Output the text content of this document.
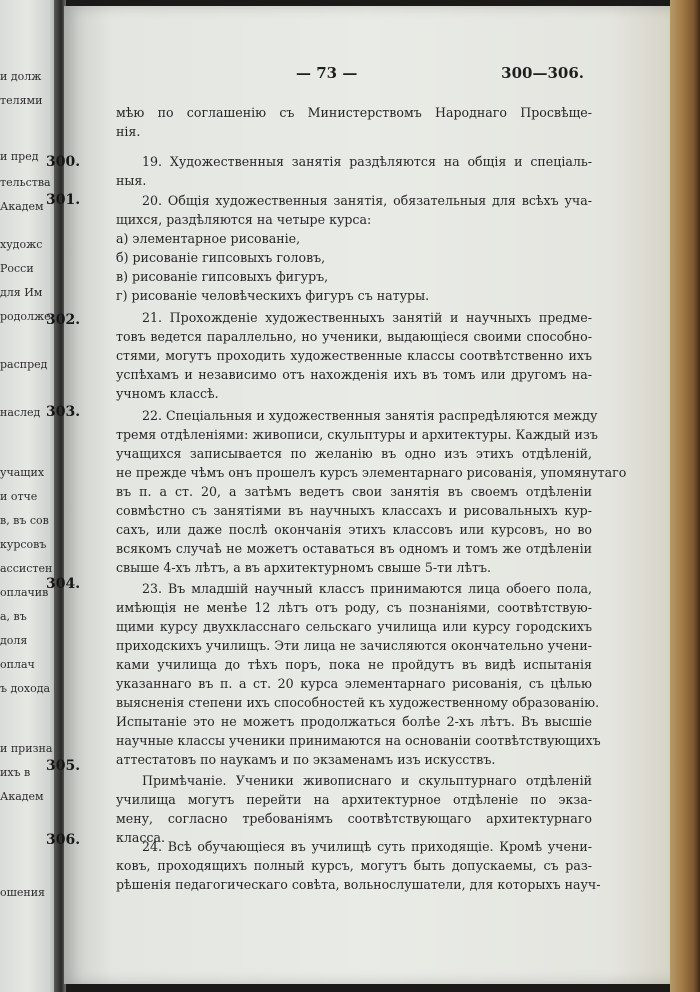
и долж
телями
и пред
тельства
Академ
художс
Росси
для Им
родолже
распред
наслед
учащих
и отче
в, въ сов
курсовъ
ассистен
оплачив
а, въ
доля
оплач
ъ дохода
и призна
ихъ в
Академ
ошения
— 73 —	300—306.
300.
301.
302.
303.
304.
305.
306.
мѣю по соглашенію съ Министерствомъ Народнаго Просвѣще-
нія.
19. Художественныя занятія раздѣляются на общія и спеціаль-
ныя.
20. Общія художественныя занятія, обязательныя для всѣхъ уча-
щихся, раздѣляются на четыре курса:
а) элементарное рисованіе,
б) рисованіе гипсовыхъ головъ,
в) рисованіе гипсовыхъ фигуръ,
г) рисованіе человѣческихъ фигуръ съ натуры.
21. Прохожденіе художественныхъ занятій и научныхъ предме-
товъ ведется параллельно, но ученики, выдающіеся своими способно-
стями, могутъ проходить художественные классы соотвѣтственно ихъ
успѣхамъ и независимо отъ нахожденія ихъ въ томъ или другомъ на-
учномъ классѣ.
22. Спеціальныя и художественныя занятія распредѣляются между
тремя отдѣленіями: живописи, скульптуры и архитектуры. Каждый изъ
учащихся записывается по желанію въ одно изъ этихъ отдѣленій,
не прежде чѣмъ онъ прошелъ курсъ элементарнаго рисованія, упомянутаго
въ п. а ст. 20, а затѣмъ ведетъ свои занятія въ своемъ отдѣленіи
совмѣстно съ занятіями въ научныхъ классахъ и рисовальныхъ кур-
сахъ, или даже послѣ окончанія этихъ классовъ или курсовъ, но во
всякомъ случаѣ не можетъ оставаться въ одномъ и томъ же отдѣленіи
свыше 4-хъ лѣтъ, а въ архитектурномъ свыше 5-ти лѣтъ.
23. Въ младшій научный классъ принимаются лица обоего пола,
имѣющія не менѣе 12 лѣтъ отъ роду, съ познаніями, соотвѣтствую-
щими курсу двухкласснаго сельскаго училища или курсу городскихъ
приходскихъ училищъ. Эти лица не зачисляются окончательно учени-
ками училища до тѣхъ поръ, пока не пройдутъ въ видѣ испытанія
указаннаго въ п. а ст. 20 курса элементарнаго рисованія, съ цѣлью
выясненія степени ихъ способностей къ художественному образованію.
Испытаніе это не можетъ продолжаться болѣе 2-хъ лѣтъ. Въ высшіе
научные классы ученики принимаются на основаніи соотвѣтствующихъ
аттестатовъ по наукамъ и по экзаменамъ изъ искусствъ.
Примѣчаніе. Ученики живописнаго и скульптурнаго отдѣленій
училища могутъ перейти на архитектурное отдѣленіе по экза-
мену, согласно требованіямъ соотвѣтствующаго архитектурнаго
класса.
24. Всѣ обучающіеся въ училищѣ суть приходящіе. Кромѣ учени-
ковъ, проходящихъ полный курсъ, могутъ быть допускаемы, съ раз-
рѣшенія педагогическаго совѣта, вольнослушатели, для которыхъ науч-
